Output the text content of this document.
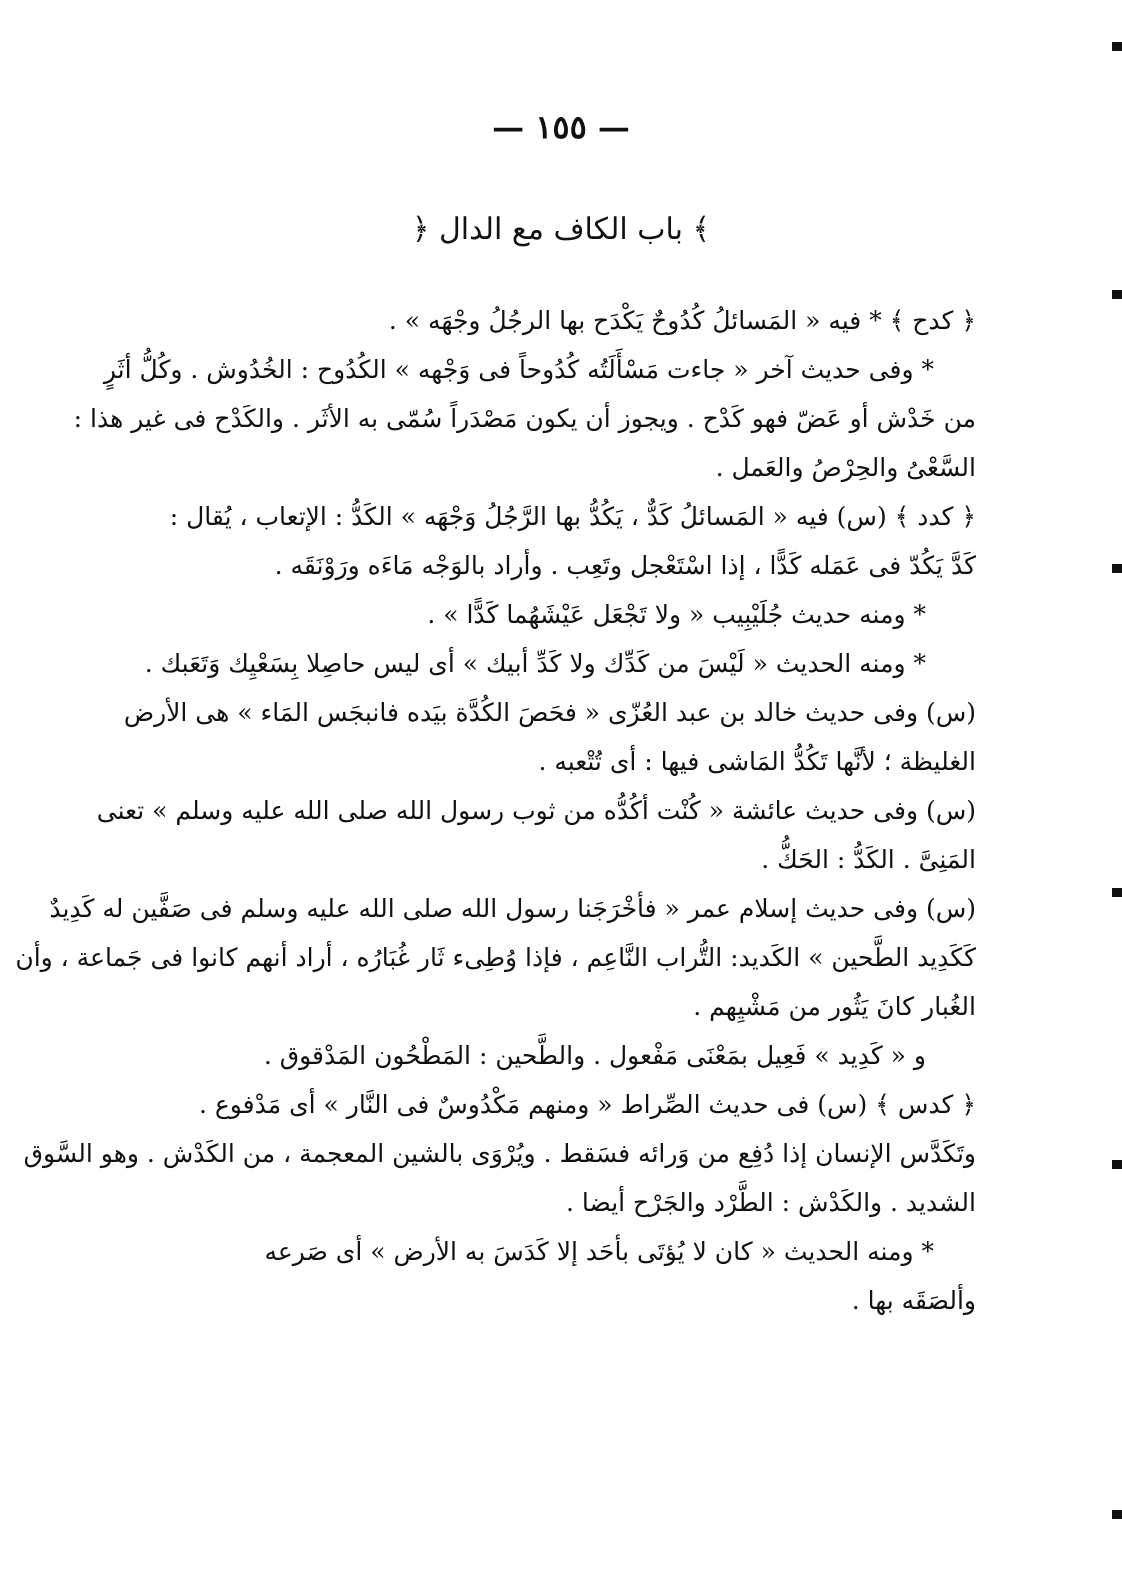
— ١٥٥ —
﴿ باب الكاف مع الدال ﴾

﴿ كدح ﴾ * فيه « المَسائلُ كُدُوحٌ يَكْدَح بها الرجُلُ وجْهَه » .

* وفى حديث آخر « جاءت مَسْأَلَتُه كُدُوحاً فى وَجْهه » الكُدُوح : الخُدُوش . وكُلُّ أثَرٍ
من خَدْش أو عَضّ فهو كَدْح . ويجوز أن يكون مَصْدَراً سُمّى به الأثَر . والكَدْح فى غير هذا :
السَّعْىُ والحِرْصُ والعَمل .

﴿ كدد ﴾ (س) فيه « المَسائلُ كَدٌّ ، يَكُدُّ بها الرَّجُلُ وَجْهَه » الكَدُّ : الإتعاب ، يُقال :
كَدَّ يَكُدّ فى عَمَله كَدًّا ، إذا اسْتَعْجل وتَعِب . وأراد بالوَجْه مَاءَه ورَوْنَقَه .

* ومنه حديث جُلَيْبِيب « ولا تَجْعَل عَيْشَهُما كَدًّا » .

* ومنه الحديث « لَيْسَ من كَدِّك ولا كَدِّ أبيك » أى ليس حاصِلا بِسَعْيِك وَتَعَبك .

(س) وفى حديث خالد بن عبد العُزّى « فحَصَ الكُدَّة بيَده فانبجَس المَاء » هى الأرض
الغليظة ؛ لأنَّها تَكُدُّ المَاشى فيها : أى تُتْعبه .

(س) وفى حديث عائشة « كُنْت أكُدُّه من ثوب رسول الله صلى الله عليه وسلم » تعنى
المَنِىَّ . الكَدُّ : الحَكُّ .

(س) وفى حديث إسلام عمر « فأخْرَجَنا رسول الله صلى الله عليه وسلم فى صَفَّين له كَدِيدٌ
كَكَدِيد الطَّحين » الكَديد: التُّراب النَّاعِم ، فإذا وُطِىء ثَار غُبَارُه ، أراد أنهم كانوا فى جَماعة ، وأن
الغُبار كانَ يَثُور من مَشْيِهم .

و « كَدِيد » فَعِيل بمَعْنَى مَفْعول . والطَّحين : المَطْحُون المَدْقوق .

﴿ كدس ﴾ (س) فى حديث الصِّراط « ومنهم مَكْدُوسٌ فى النَّار » أى مَدْفوع .
وتَكَدَّس الإنسان إذا دُفِع من وَرائه فسَقط . ويُرْوَى بالشين المعجمة ، من الكَدْش . وهو السَّوق
الشديد . والكَدْش : الطَّرْد والجَرْح أيضا .

* ومنه الحديث « كان لا يُؤتَى بأحَد إلا كَدَسَ به الأرض » أى صَرعه
وألصَقَه بها .
